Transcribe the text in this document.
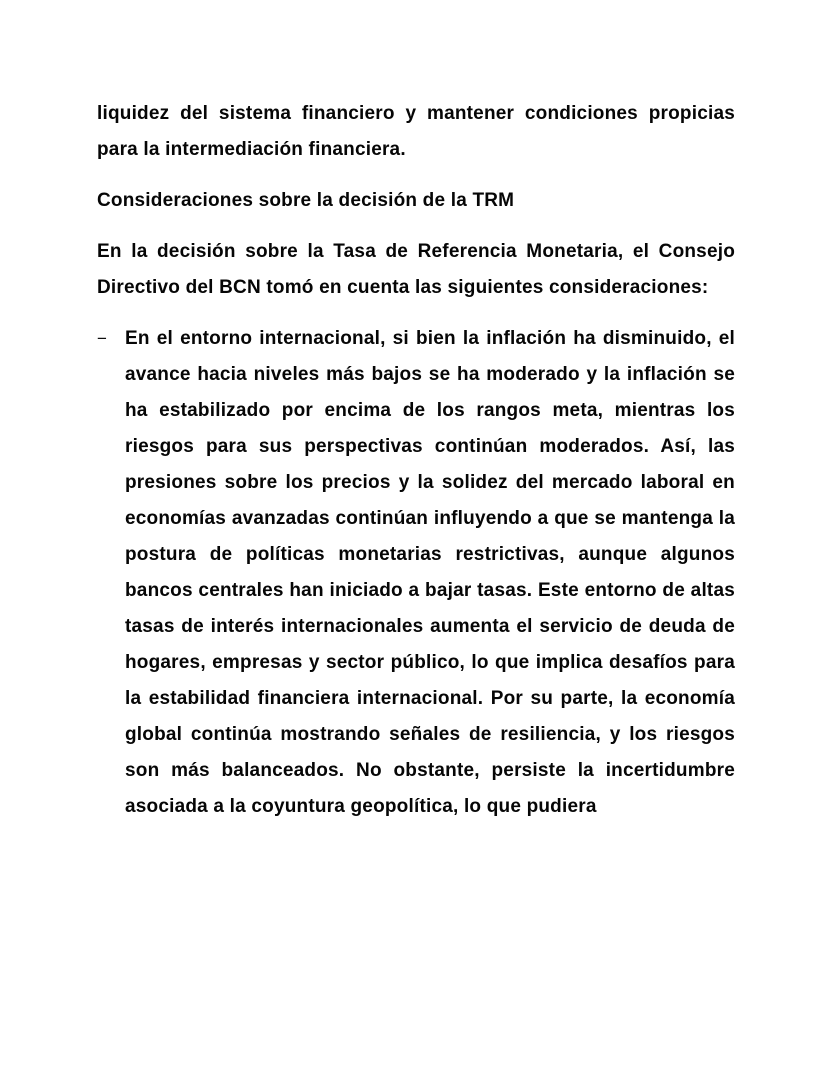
liquidez del sistema financiero y mantener condiciones propicias para la intermediación financiera.

Consideraciones sobre la decisión de la TRM

En la decisión sobre la Tasa de Referencia Monetaria, el Consejo Directivo del BCN tomó en cuenta las siguientes consideraciones:

− En el entorno internacional, si bien la inflación ha disminuido, el avance hacia niveles más bajos se ha moderado y la inflación se ha estabilizado por encima de los rangos meta, mientras los riesgos para sus perspectivas continúan moderados. Así, las presiones sobre los precios y la solidez del mercado laboral en economías avanzadas continúan influyendo a que se mantenga la postura de políticas monetarias restrictivas, aunque algunos bancos centrales han iniciado a bajar tasas. Este entorno de altas tasas de interés internacionales aumenta el servicio de deuda de hogares, empresas y sector público, lo que implica desafíos para la estabilidad financiera internacional. Por su parte, la economía global continúa mostrando señales de resiliencia, y los riesgos son más balanceados. No obstante, persiste la incertidumbre asociada a la coyuntura geopolítica, lo que pudiera
